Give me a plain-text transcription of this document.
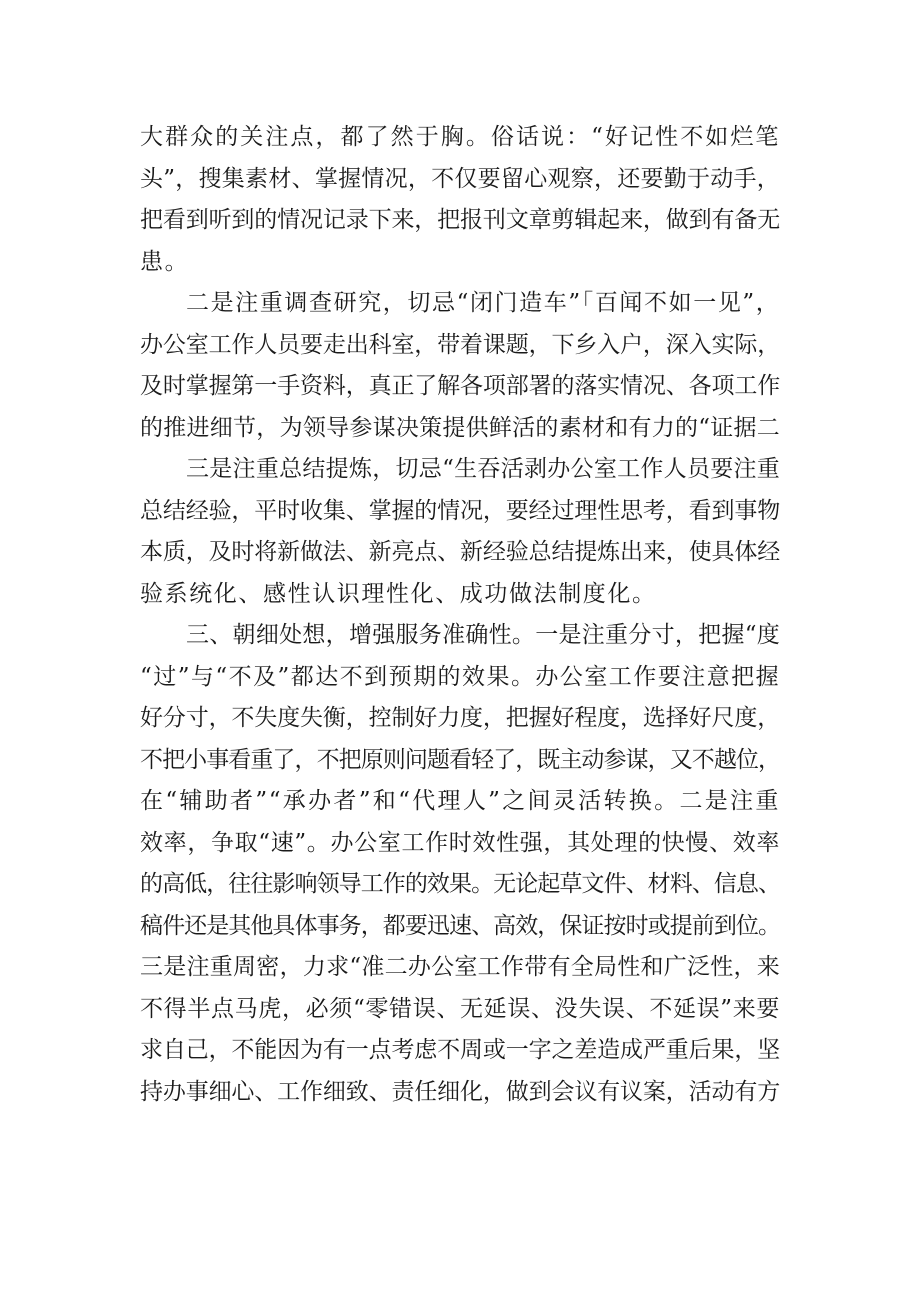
大群众的关注点，都了然于胸。俗话说：“好记性不如烂笔
头”，搜集素材、掌握情况，不仅要留心观察，还要勤于动手，
把看到听到的情况记录下来，把报刊文章剪辑起来，做到有备无
患。
二是注重调查研究，切忌“闭门造车”「百闻不如一见”，
办公室工作人员要走出科室，带着课题，下乡入户，深入实际，
及时掌握第一手资料，真正了解各项部署的落实情况、各项工作
的推进细节，为领导参谋决策提供鲜活的素材和有力的“证据二
三是注重总结提炼，切忌“生吞活剥办公室工作人员要注重
总结经验，平时收集、掌握的情况，要经过理性思考，看到事物
本质，及时将新做法、新亮点、新经验总结提炼出来，使具体经
验系统化、感性认识理性化、成功做法制度化。
三、朝细处想，增强服务准确性。一是注重分寸，把握“度
“过”与“不及”都达不到预期的效果。办公室工作要注意把握
好分寸，不失度失衡，控制好力度，把握好程度，选择好尺度，
不把小事看重了，不把原则问题看轻了，既主动参谋，又不越位，
在“辅助者”“承办者”和“代理人”之间灵活转换。二是注重
效率，争取“速”。办公室工作时效性强，其处理的快慢、效率
的高低，往往影响领导工作的效果。无论起草文件、材料、信息、
稿件还是其他具体事务，都要迅速、高效，保证按时或提前到位。
三是注重周密，力求“准二办公室工作带有全局性和广泛性，来
不得半点马虎，必须“零错误、无延误、没失误、不延误”来要
求自己，不能因为有一点考虑不周或一字之差造成严重后果，坚
持办事细心、工作细致、责任细化，做到会议有议案，活动有方
